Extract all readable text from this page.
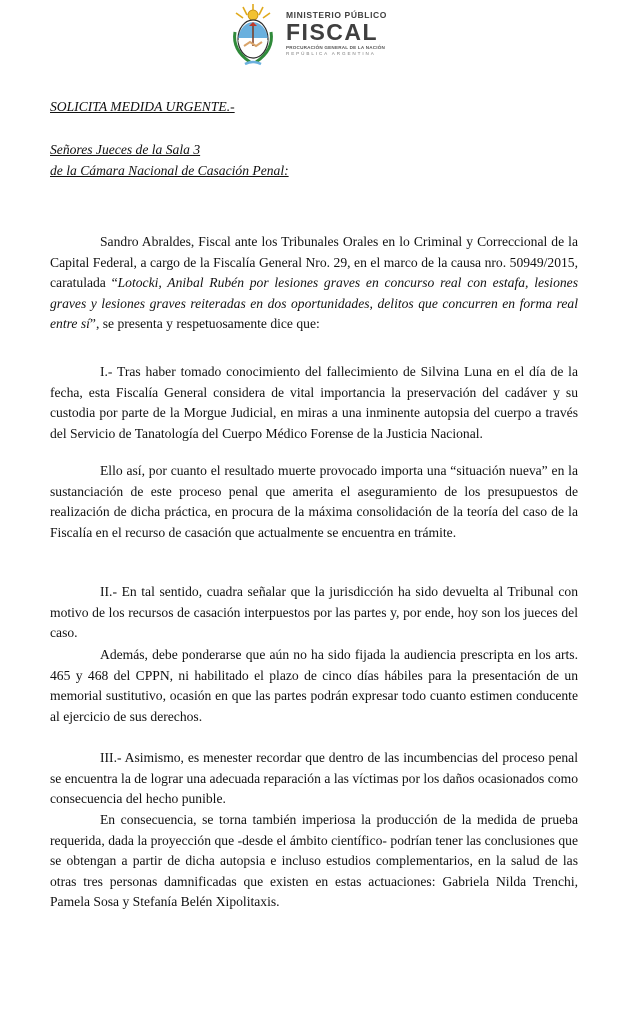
MINISTERIO PÚBLICO
FISCAL
PROCURACIÓN GENERAL DE LA NACIÓN
REPÚBLICA ARGENTINA
SOLICITA MEDIDA URGENTE.-
Señores Jueces de la Sala 3
de la Cámara Nacional de Casación Penal:
Sandro Abraldes, Fiscal ante los Tribunales Orales en lo Criminal y Correccional de la Capital Federal, a cargo de la Fiscalía General Nro. 29, en el marco de la causa nro. 50949/2015, caratulada “Lotocki, Anibal Rubén por lesiones graves en concurso real con estafa, lesiones graves y lesiones graves reiteradas en dos oportunidades, delitos que concurren en forma real entre sí”, se presenta y respetuosamente dice que:
I.- Tras haber tomado conocimiento del fallecimiento de Silvina Luna en el día de la fecha, esta Fiscalía General considera de vital importancia la preservación del cadáver y su custodia por parte de la Morgue Judicial, en miras a una inminente autopsia del cuerpo a través del Servicio de Tanatología del Cuerpo Médico Forense de la Justicia Nacional.
Ello así, por cuanto el resultado muerte provocado importa una “situación nueva” en la sustanciación de este proceso penal que amerita el aseguramiento de los presupuestos de realización de dicha práctica, en procura de la máxima consolidación de la teoría del caso de la Fiscalía en el recurso de casación que actualmente se encuentra en trámite.
II.- En tal sentido, cuadra señalar que la jurisdicción ha sido devuelta al Tribunal con motivo de los recursos de casación interpuestos por las partes y, por ende, hoy son los jueces del caso.
Además, debe ponderarse que aún no ha sido fijada la audiencia prescripta en los arts. 465 y 468 del CPPN, ni habilitado el plazo de cinco días hábiles para la presentación de un memorial sustitutivo, ocasión en que las partes podrán expresar todo cuanto estimen conducente al ejercicio de sus derechos.
III.- Asimismo, es menester recordar que dentro de las incumbencias del proceso penal se encuentra la de lograr una adecuada reparación a las víctimas por los daños ocasionados como consecuencia del hecho punible.
En consecuencia, se torna también imperiosa la producción de la medida de prueba requerida, dada la proyección que -desde el ámbito científico- podrían tener las conclusiones que se obtengan a partir de dicha autopsia e incluso estudios complementarios, en la salud de las otras tres personas damnificadas que existen en estas actuaciones: Gabriela Nilda Trenchi, Pamela Sosa y Stefanía Belén Xipolitaxis.
